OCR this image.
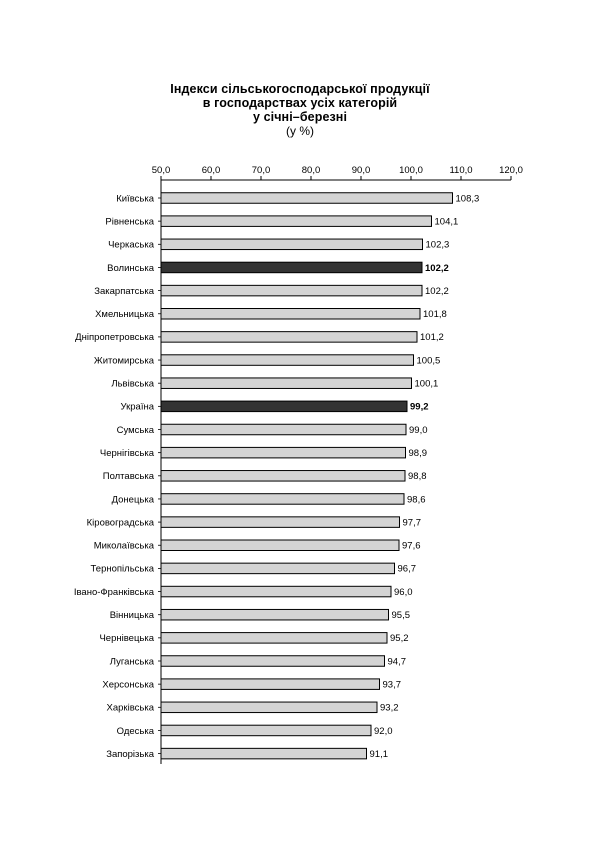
Індекси сільськогосподарської продукції
в господарствах усіх категорій
у січні–березні
(у %)
50,0	60,0	70,0	80,0	90,0	100,0	110,0	120,0
Київська	108,3
Рівненська	104,1
Черкаська	102,3
Волинська	102,2
Закарпатська	102,2
Хмельницька	101,8
Дніпропетровська	101,2
Житомирська	100,5
Львівська	100,1
Україна	99,2
Сумська	99,0
Чернігівська	98,9
Полтавська	98,8
Донецька	98,6
Кіровоградська	97,7
Миколаївська	97,6
Тернопільська	96,7
Івано-Франківська	96,0
Вінницька	95,5
Чернівецька	95,2
Луганська	94,7
Херсонська	93,7
Харківська	93,2
Одеська	92,0
Запорізька	91,1
